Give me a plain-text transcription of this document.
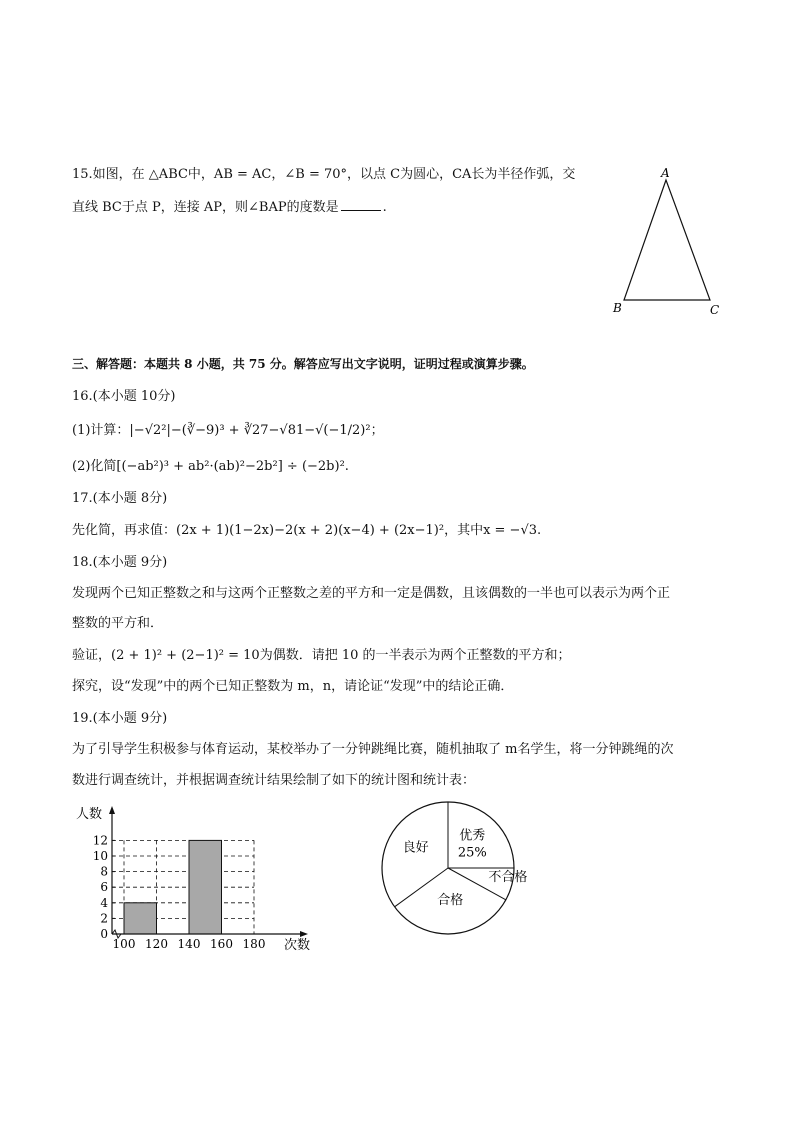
15.如图，在 △ABC中，AB = AC，∠B = 70°，以点 C为圆心，CA长为半径作弧，交
直线 BC于点 P，连接 AP，则∠BAP的度数是	.
A
B	C
三、解答题：本题共 8 小题，共 75 分。解答应写出文字说明，证明过程或演算步骤。
16.(本小题 10分)
(1)计算：|−√2²|−(∛−9)³ + ∛27−√81−√(−1/2)²；
(2)化简[(−ab²)³ + ab²·(ab)²−2b²] ÷ (−2b)².
17.(本小题 8分)
先化简，再求值：(2x + 1)(1−2x)−2(x + 2)(x−4) + (2x−1)²，其中x = −√3.
18.(本小题 9分)
发现两个已知正整数之和与这两个正整数之差的平方和一定是偶数，且该偶数的一半也可以表示为两个正
整数的平方和．
验证，(2 + 1)² + (2−1)² = 10为偶数．请把 10 的一半表示为两个正整数的平方和；
探究，设“发现”中的两个已知正整数为 m，n，请论证“发现”中的结论正确．
19.(本小题 9分)
为了引导学生积极参与体育运动，某校举办了一分钟跳绳比赛，随机抽取了 m名学生，将一分钟跳绳的次
数进行调查统计，并根据调查统计结果绘制了如下的统计图和统计表：
0
2
4
6
8
10
12
100 120 140 160 180
人数
次数
优秀
25%
不合格
合格
良好
